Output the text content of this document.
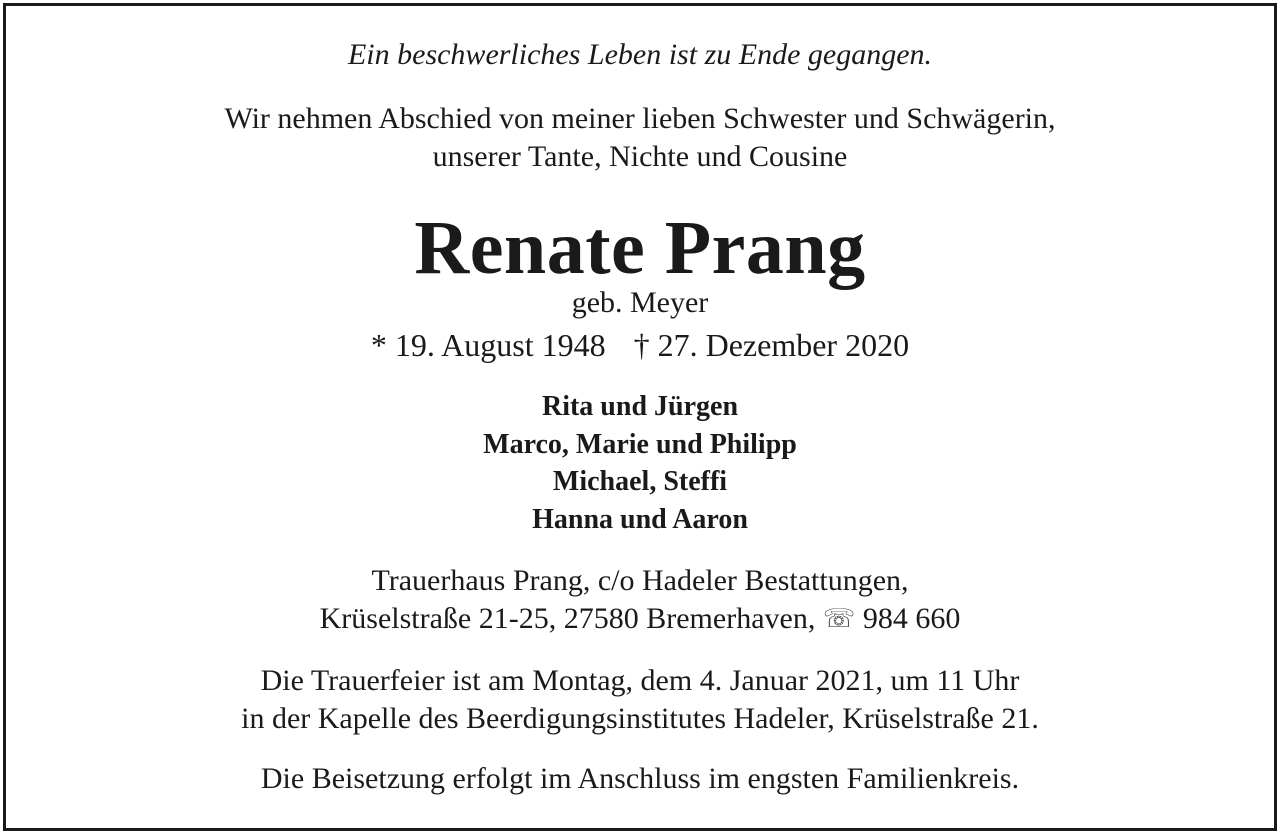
Ein beschwerliches Leben ist zu Ende gegangen.
Wir nehmen Abschied von meiner lieben Schwester und Schwägerin,
unserer Tante, Nichte und Cousine
Renate Prang
geb. Meyer
* 19. August 1948 † 27. Dezember 2020
Rita und Jürgen
Marco, Marie und Philipp
Michael, Steffi
Hanna und Aaron
Trauerhaus Prang, c/o Hadeler Bestattungen,
Krüselstraße 21-25, 27580 Bremerhaven, ☏ 984 660
Die Trauerfeier ist am Montag, dem 4. Januar 2021, um 11 Uhr
in der Kapelle des Beerdigungsinstitutes Hadeler, Krüselstraße 21.
Die Beisetzung erfolgt im Anschluss im engsten Familienkreis.
